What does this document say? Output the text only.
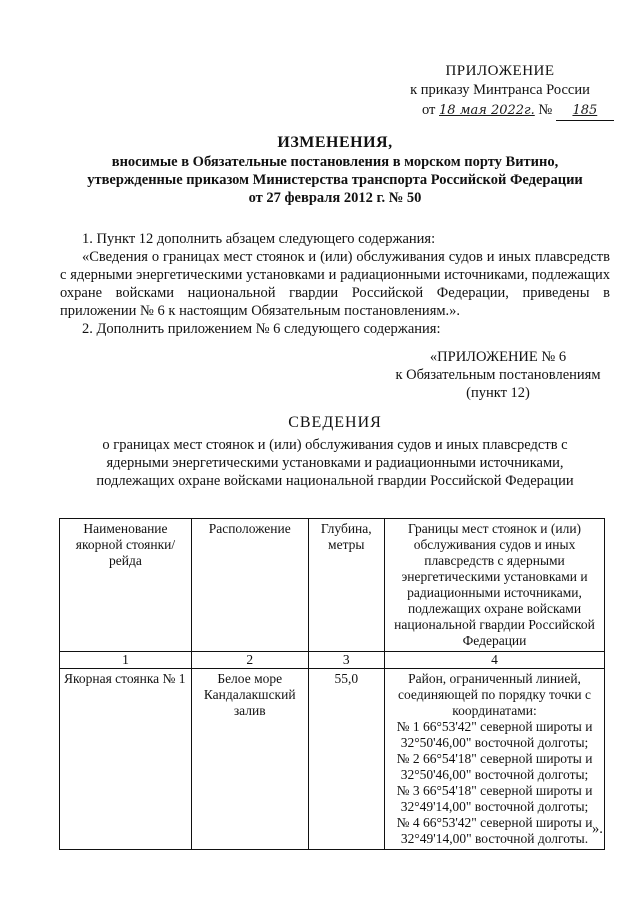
ПРИЛОЖЕНИЕ
к приказу Минтранса России
от 18 мая 2022г. № 185
ИЗМЕНЕНИЯ,
вносимые в Обязательные постановления в морском порту Витино,
утвержденные приказом Министерства транспорта Российской Федерации
от 27 февраля 2012 г. № 50
1. Пункт 12 дополнить абзацем следующего содержания:
«Сведения о границах мест стоянок и (или) обслуживания судов и иных плавсредств с ядерными энергетическими установками и радиационными источниками, подлежащих охране войсками национальной гвардии Российской Федерации, приведены в приложении № 6 к настоящим Обязательным постановлениям.».
2. Дополнить приложением № 6 следующего содержания:
«ПРИЛОЖЕНИЕ № 6
к Обязательным постановлениям
(пункт 12)
СВЕДЕНИЯ
о границах мест стоянок и (или) обслуживания судов и иных плавсредств с
ядерными энергетическими установками и радиационными источниками,
подлежащих охране войсками национальной гвардии Российской Федерации
Наименование якорной стоянки/рейда	Расположение	Глубина, метры	Границы мест стоянок и (или) обслуживания судов и иных плавсредств с ядерными энергетическими установками и радиационными источниками, подлежащих охране войсками национальной гвардии Российской Федерации
1	2	3	4
Якорная стоянка № 1	Белое море Кандалакшский залив	55,0	Район, ограниченный линией, соединяющей по порядку точки с координатами:
№ 1 66°53'42" северной широты и 32°50'46,00" восточной долготы;
№ 2 66°54'18" северной широты и 32°50'46,00" восточной долготы;
№ 3 66°54'18" северной широты и 32°49'14,00" восточной долготы;
№ 4 66°53'42" северной широты и 32°49'14,00" восточной долготы.
».
